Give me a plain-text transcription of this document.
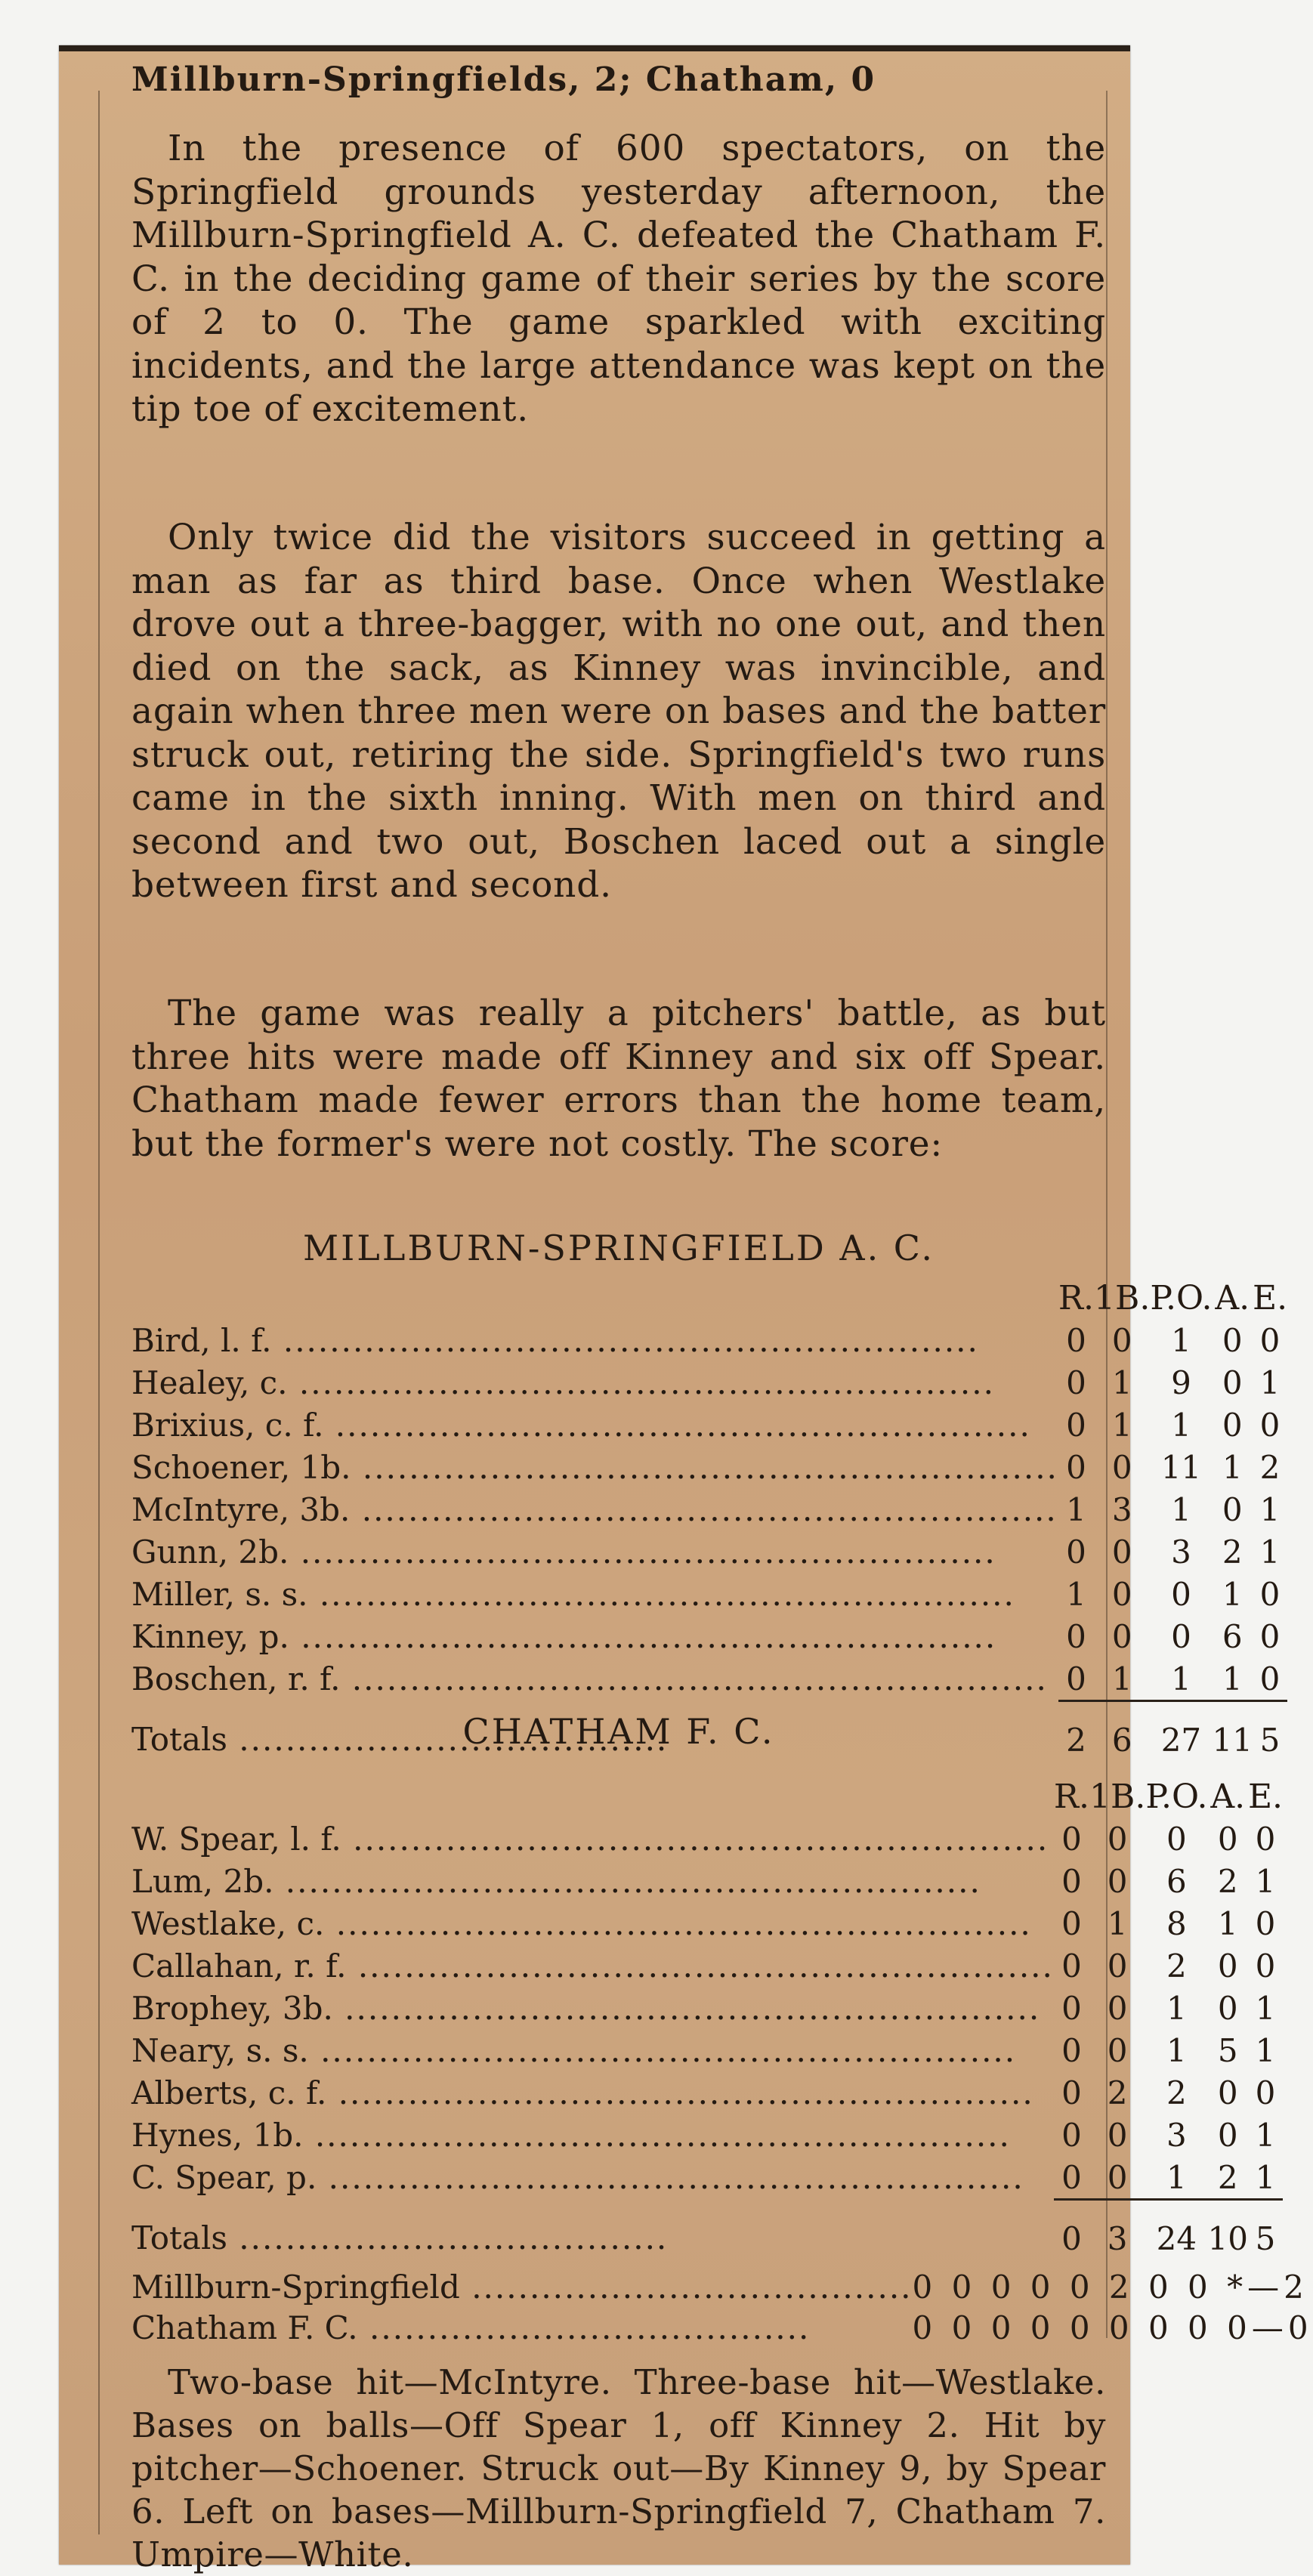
Millburn-Springfields, 2; Chatham, 0

In the presence of 600 spectators, on the Springfield grounds yesterday afternoon, the Millburn-Springfield A. C. defeated the Chatham F. C. in the deciding game of their series by the score of 2 to 0. The game sparkled with exciting incidents, and the large attendance was kept on the tip toe of excitement.

Only twice did the visitors succeed in getting a man as far as third base. Once when Westlake drove out a three-bagger, with no one out, and then died on the sack, as Kinney was invincible, and again when three men were on bases and the batter struck out, retiring the side. Springfield's two runs came in the sixth inning. With men on third and second and two out, Boschen laced out a single between first and second.

The game was really a pitchers' battle, as but three hits were made off Kinney and six off Spear. Chatham made fewer errors than the home team, but the former's were not costly. The score:

MILLBURN-SPRINGFIELD A. C.
	R.	1B.	P.O.	A.	E.
Bird, l. f. .....	0	0	1	0	0
Healey, c. .....	0	1	9	0	1
Brixius, c. f. .....	0	1	1	0	0
Schoener, 1b. .....	0	0	11	1	2
McIntyre, 3b. .....	1	3	1	0	1
Gunn, 2b. .....	0	0	3	2	1
Miller, s. s. .....	1	0	0	1	0
Kinney, p. .....	0	0	0	6	0
Boschen, r. f. .....	0	1	1	1	0
Totals .....	2	6	27	11	5
CHATHAM F. C.
	R.	1B.	P.O.	A.	E.
W. Spear, l. f. .....	0	0	0	0	0
Lum, 2b. .....	0	0	6	2	1
Westlake, c. .....	0	1	8	1	0
Callahan, r. f. .....	0	0	2	0	0
Brophey, 3b. .....	0	0	1	0	1
Neary, s. s. .....	0	0	1	5	1
Alberts, c. f. .....	0	2	2	0	0
Hynes, 1b. .....	0	0	3	0	1
C. Spear, p. .....	0	0	1	2	1
Totals .....	0	3	24	10	5
Millburn-Springfield .....	0 0 0 0 0 2 0 0 *—2
Chatham F. C. .....	0 0 0 0 0 0 0 0 0—0

Two-base hit—McIntyre. Three-base hit—Westlake. Bases on balls—Off Spear 1, off Kinney 2. Hit by pitcher—Schoener. Struck out—By Kinney 9, by Spear 6. Left on bases—Millburn-Springfield 7, Chatham 7. Umpire—White.
